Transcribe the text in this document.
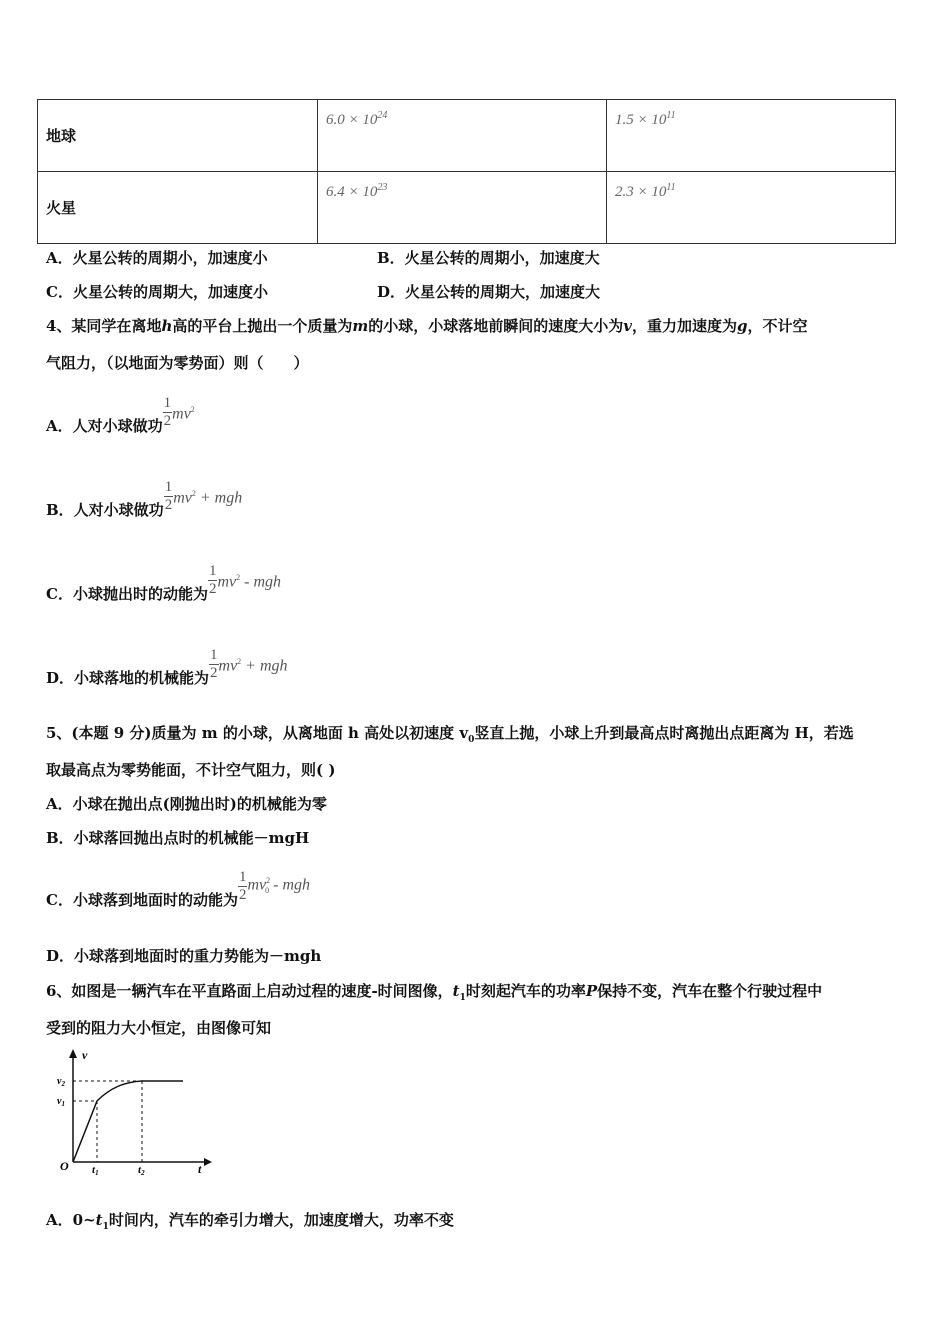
地球	$6.0 \times 10^{24}$	$1.5 \times 10^{11}$
火星	$6.4 \times 10^{23}$	$2.3 \times 10^{11}$
A．火星公转的周期小，加速度小	B．火星公转的周期小，加速度大
C．火星公转的周期大，加速度小	D．火星公转的周期大，加速度大
4、某同学在离地h高的平台上抛出一个质量为m的小球，小球落地前瞬间的速度大小为v，重力加速度为g，不计空
气阻力，（以地面为零势面）则（　　）
A．人对小球做功 $\frac{1}{2} mv^2$
B．人对小球做功 $\frac{1}{2} mv^2$ + mgh
C．小球抛出时的动能为 $\frac{1}{2} mv^2$ - mgh
D．小球落地的机械能为 $\frac{1}{2} mv^2$ + mgh
5、(本题 9 分)质量为 m 的小球，从离地面 h 高处以初速度 $v_0$竖直上抛，小球上升到最高点时离抛出点距离为 H，若选
取最高点为零势能面，不计空气阻力，则( )
A．小球在抛出点(刚抛出时)的机械能为零
B．小球落回抛出点时的机械能－mgH
C．小球落到地面时的动能为 $\frac{1}{2} mv^2_0$ - mgh
D．小球落到地面时的重力势能为－mgh
6、如图是一辆汽车在平直路面上启动过程的速度-时间图像，$t_1$时刻起汽车的功率P保持不变，汽车在整个行驶过程中
受到的阻力大小恒定，由图像可知
v
t
O
$v_2$
$v_1$
t1	t2
A．$0\sim t_1$时间内，汽车的牵引力增大，加速度增大，功率不变
